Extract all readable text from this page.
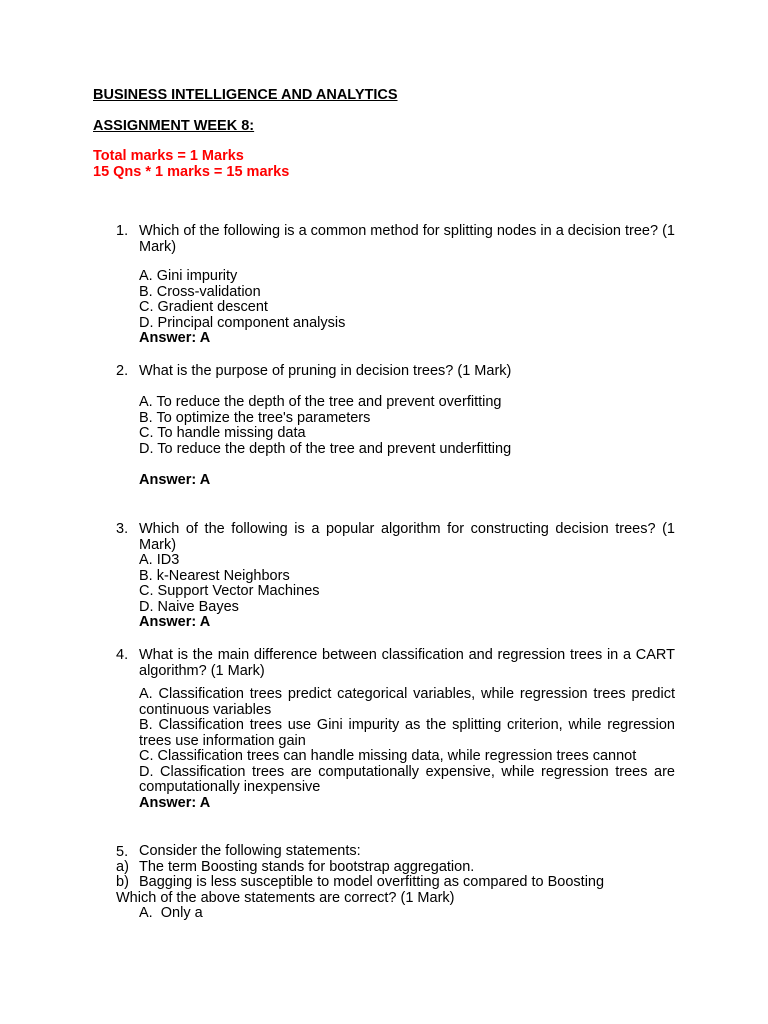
BUSINESS INTELLIGENCE AND ANALYTICS
ASSIGNMENT WEEK 8:
Total marks = 1 Marks
15 Qns * 1 marks = 15 marks
1. Which of the following is a common method for splitting nodes in a decision tree? (1 Mark)
A. Gini impurity
B. Cross-validation
C. Gradient descent
D. Principal component analysis
Answer: A
2. What is the purpose of pruning in decision trees? (1 Mark)
A. To reduce the depth of the tree and prevent overfitting
B. To optimize the tree's parameters
C. To handle missing data
D. To reduce the depth of the tree and prevent underfitting
Answer: A
3. Which of the following is a popular algorithm for constructing decision trees? (1 Mark)
A. ID3
B. k-Nearest Neighbors
C. Support Vector Machines
D. Naive Bayes
Answer: A
4. What is the main difference between classification and regression trees in a CART algorithm? (1 Mark)
A. Classification trees predict categorical variables, while regression trees predict continuous variables
B. Classification trees use Gini impurity as the splitting criterion, while regression trees use information gain
C. Classification trees can handle missing data, while regression trees cannot
D. Classification trees are computationally expensive, while regression trees are computationally inexpensive
Answer: A
5. Consider the following statements:
a) The term Boosting stands for bootstrap aggregation.
b) Bagging is less susceptible to model overfitting as compared to Boosting
Which of the above statements are correct? (1 Mark)
A.  Only a
